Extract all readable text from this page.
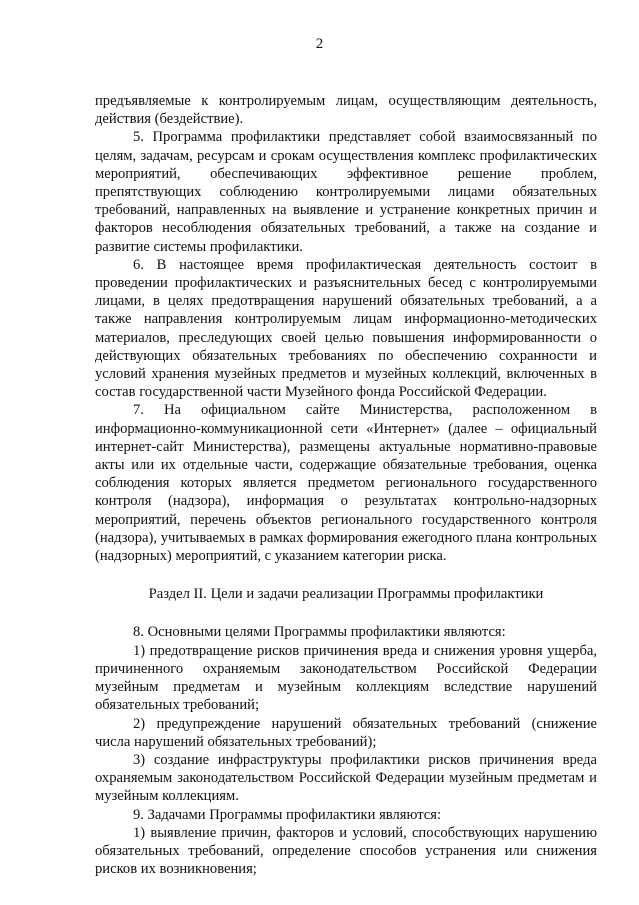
2

предъявляемые к контролируемым лицам, осуществляющим деятельность, действия (бездействие).

5. Программа профилактики представляет собой взаимосвязанный по целям, задачам, ресурсам и срокам осуществления комплекс профилактических мероприятий, обеспечивающих эффективное решение проблем, препятствующих соблюдению контролируемыми лицами обязательных требований, направленных на выявление и устранение конкретных причин и факторов несоблюдения обязательных требований, а также на создание и развитие системы профилактики.

6. В настоящее время профилактическая деятельность состоит в проведении профилактических и разъяснительных бесед с контролируемыми лицами, в целях предотвращения нарушений обязательных требований, а а также направления контролируемым лицам информационно-методических материалов, преследующих своей целью повышения информированности о действующих обязательных требованиях по обеспечению сохранности и условий хранения музейных предметов и музейных коллекций, включенных в состав государственной части Музейного фонда Российской Федерации.

7. На официальном сайте Министерства, расположенном в информационно-коммуникационной сети «Интернет» (далее – официальный интернет-сайт Министерства), размещены актуальные нормативно-правовые акты или их отдельные части, содержащие обязательные требования, оценка соблюдения которых является предметом регионального государственного контроля (надзора), информация о результатах контрольно-надзорных мероприятий, перечень объектов регионального государственного контроля (надзора), учитываемых в рамках формирования ежегодного плана контрольных (надзорных) мероприятий, с указанием категории риска.

Раздел II. Цели и задачи реализации Программы профилактики

8. Основными целями Программы профилактики являются:

1) предотвращение рисков причинения вреда и снижения уровня ущерба, причиненного охраняемым законодательством Российской Федерации музейным предметам и музейным коллекциям вследствие нарушений обязательных требований;

2) предупреждение нарушений обязательных требований (снижение числа нарушений обязательных требований);

3) создание инфраструктуры профилактики рисков причинения вреда охраняемым законодательством Российской Федерации музейным предметам и музейным коллекциям.

9. Задачами Программы профилактики являются:

1) выявление причин, факторов и условий, способствующих нарушению обязательных требований, определение способов устранения или снижения рисков их возникновения;
